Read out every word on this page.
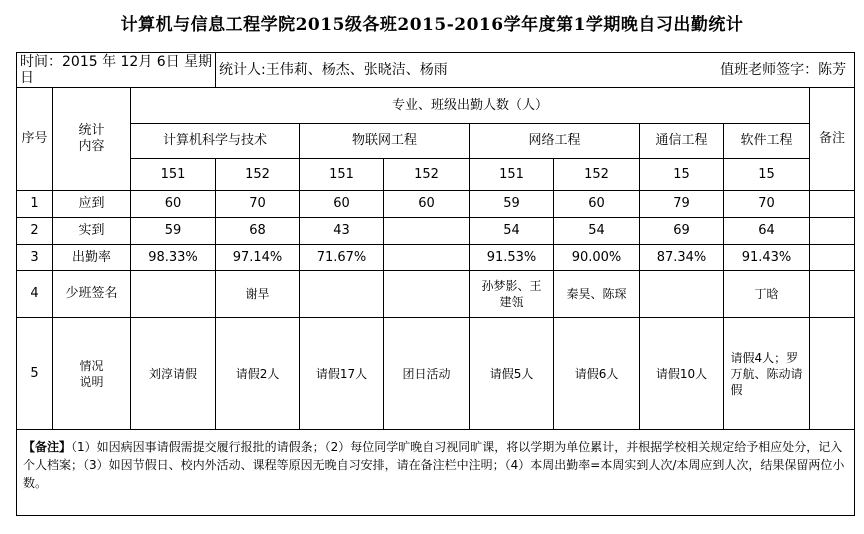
计算机与信息工程学院2015级各班2015-2016学年度第1学期晚自习出勤统计
时间：2015 年 12月 6日 星期日			统计人:王伟莉、杨杰、张晓洁、杨雨 值班老师签字：陈芳							

序号	统计内容	专业、班级出勤人数（人）								备注
		计算机科学与技术		物联网工程		网络工程		通信工程	软件工程	
		151	152	151	152	151	152	15	15	
1	应到	60	70	60	60	59	60	79	70	
2	实到	59	68	43		54	54	69	64	
3	出勤率	98.33%	97.14%	71.67%		91.53%	90.00%	87.34%	91.43%	
4	少班签名		谢旱			孙梦影、王建瓴	秦昊、陈琛		丁晗	
5	情况说明	刘淳请假	请假2人	请假17人	团日活动	请假5人	请假6人	请假10人	请假4人；罗万航、陈动请假	

【备注】（1）如因病因事请假需提交履行报批的请假条；（2）每位同学旷晚自习视同旷课，将以学期为单位累计，并根据学校相关规定给予相应处分，记入个人档案；（3）如因节假日、校内外活动、课程等原因无晚自习安排，请在备注栏中注明；（4）本周出勤率=本周实到人次/本周应到人次，结果保留两位小数。										
